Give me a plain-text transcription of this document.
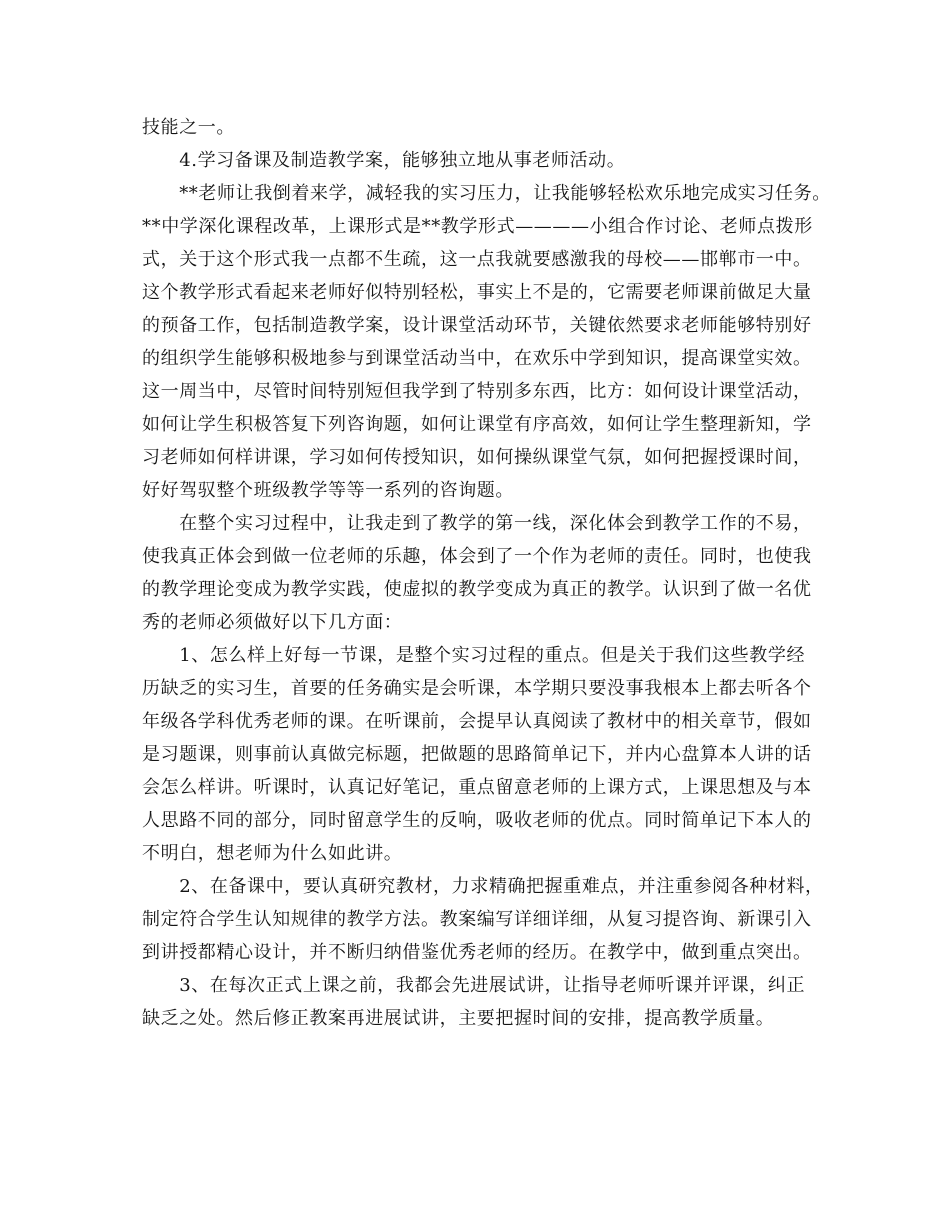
技能之一。
　　4.学习备课及制造教学案，能够独立地从事老师活动。
　　**老师让我倒着来学，减轻我的实习压力，让我能够轻松欢乐地完成实习任务。
**中学深化课程改革，上课形式是**教学形式————小组合作讨论、老师点拨形
式，关于这个形式我一点都不生疏，这一点我就要感激我的母校——邯郸市一中。
这个教学形式看起来老师好似特别轻松，事实上不是的，它需要老师课前做足大量
的预备工作，包括制造教学案，设计课堂活动环节，关键依然要求老师能够特别好
的组织学生能够积极地参与到课堂活动当中，在欢乐中学到知识，提高课堂实效。
这一周当中，尽管时间特别短但我学到了特别多东西，比方：如何设计课堂活动，
如何让学生积极答复下列咨询题，如何让课堂有序高效，如何让学生整理新知，学
习老师如何样讲课，学习如何传授知识，如何操纵课堂气氛，如何把握授课时间，
好好驾驭整个班级教学等等一系列的咨询题。
　　在整个实习过程中，让我走到了教学的第一线，深化体会到教学工作的不易，
使我真正体会到做一位老师的乐趣，体会到了一个作为老师的责任。同时，也使我
的教学理论变成为教学实践，使虚拟的教学变成为真正的教学。认识到了做一名优
秀的老师必须做好以下几方面：
　　1、怎么样上好每一节课，是整个实习过程的重点。但是关于我们这些教学经
历缺乏的实习生，首要的任务确实是会听课，本学期只要没事我根本上都去听各个
年级各学科优秀老师的课。在听课前，会提早认真阅读了教材中的相关章节，假如
是习题课，则事前认真做完标题，把做题的思路简单记下，并内心盘算本人讲的话
会怎么样讲。听课时，认真记好笔记，重点留意老师的上课方式，上课思想及与本
人思路不同的部分，同时留意学生的反响，吸收老师的优点。同时简单记下本人的
不明白，想老师为什么如此讲。
　　2、在备课中，要认真研究教材，力求精确把握重难点，并注重参阅各种材料，
制定符合学生认知规律的教学方法。教案编写详细详细，从复习提咨询、新课引入
到讲授都精心设计，并不断归纳借鉴优秀老师的经历。在教学中，做到重点突出。
　　3、在每次正式上课之前，我都会先进展试讲，让指导老师听课并评课，纠正
缺乏之处。然后修正教案再进展试讲，主要把握时间的安排，提高教学质量。
